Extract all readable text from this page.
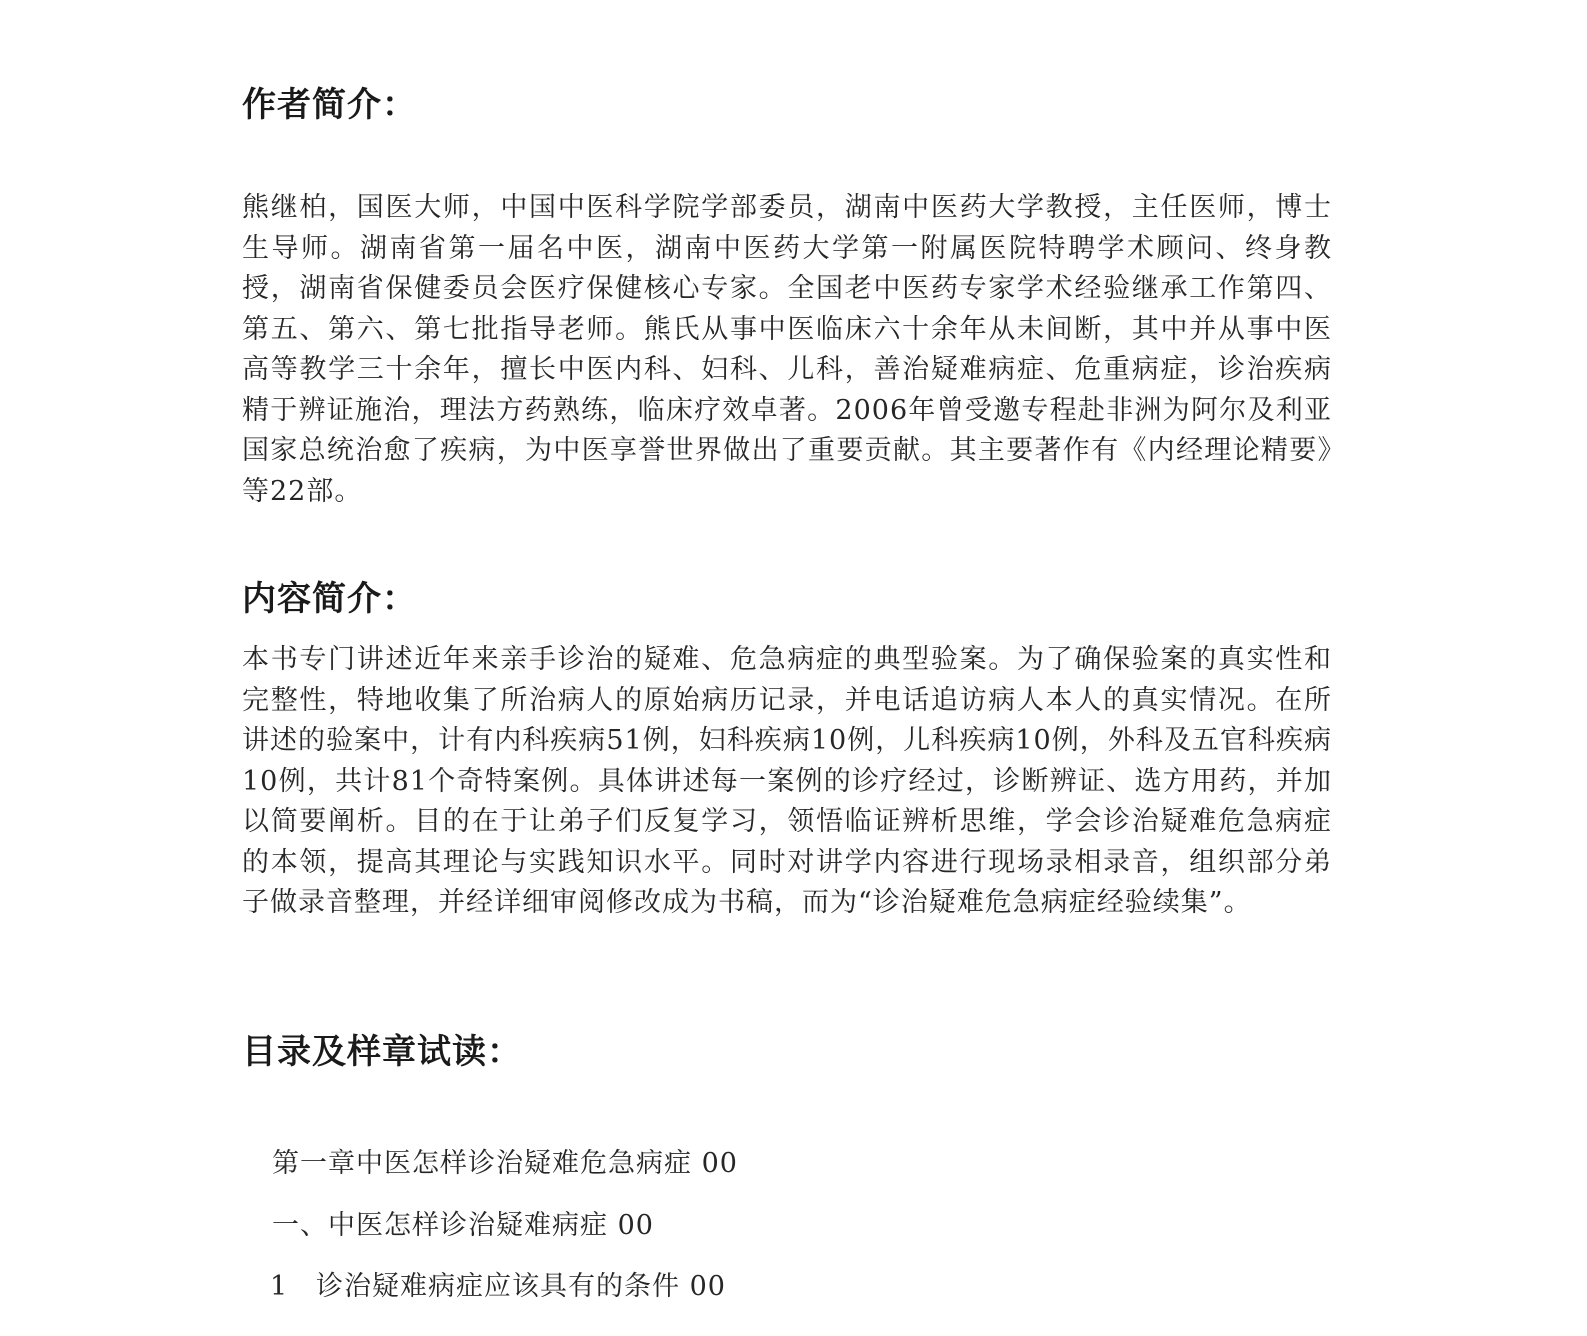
作者简介：

熊继柏，国医大师，中国中医科学院学部委员，湖南中医药大学教授，主任医师，博士生导师。湖南省第一届名中医，湖南中医药大学第一附属医院特聘学术顾问、终身教授，湖南省保健委员会医疗保健核心专家。全国老中医药专家学术经验继承工作第四、第五、第六、第七批指导老师。熊氏从事中医临床六十余年从未间断，其中并从事中医高等教学三十余年，擅长中医内科、妇科、儿科，善治疑难病症、危重病症，诊治疾病精于辨证施治，理法方药熟练，临床疗效卓著。2006年曾受邀专程赴非洲为阿尔及利亚国家总统治愈了疾病，为中医享誉世界做出了重要贡献。其主要著作有《内经理论精要》等22部。

内容简介：

本书专门讲述近年来亲手诊治的疑难、危急病症的典型验案。为了确保验案的真实性和完整性，特地收集了所治病人的原始病历记录，并电话追访病人本人的真实情况。在所讲述的验案中，计有内科疾病51例，妇科疾病10例，儿科疾病10例，外科及五官科疾病10例，共计81个奇特案例。具体讲述每一案例的诊疗经过，诊断辨证、选方用药，并加以简要阐析。目的在于让弟子们反复学习，领悟临证辨析思维，学会诊治疑难危急病症的本领，提高其理论与实践知识水平。同时对讲学内容进行现场录相录音，组织部分弟子做录音整理，并经详细审阅修改成为书稿，而为“诊治疑难危急病症经验续集”。

目录及样章试读：

第一章中医怎样诊治疑难危急病症 00

一、中医怎样诊治疑难病症 00

1 诊治疑难病症应该具有的条件 00
